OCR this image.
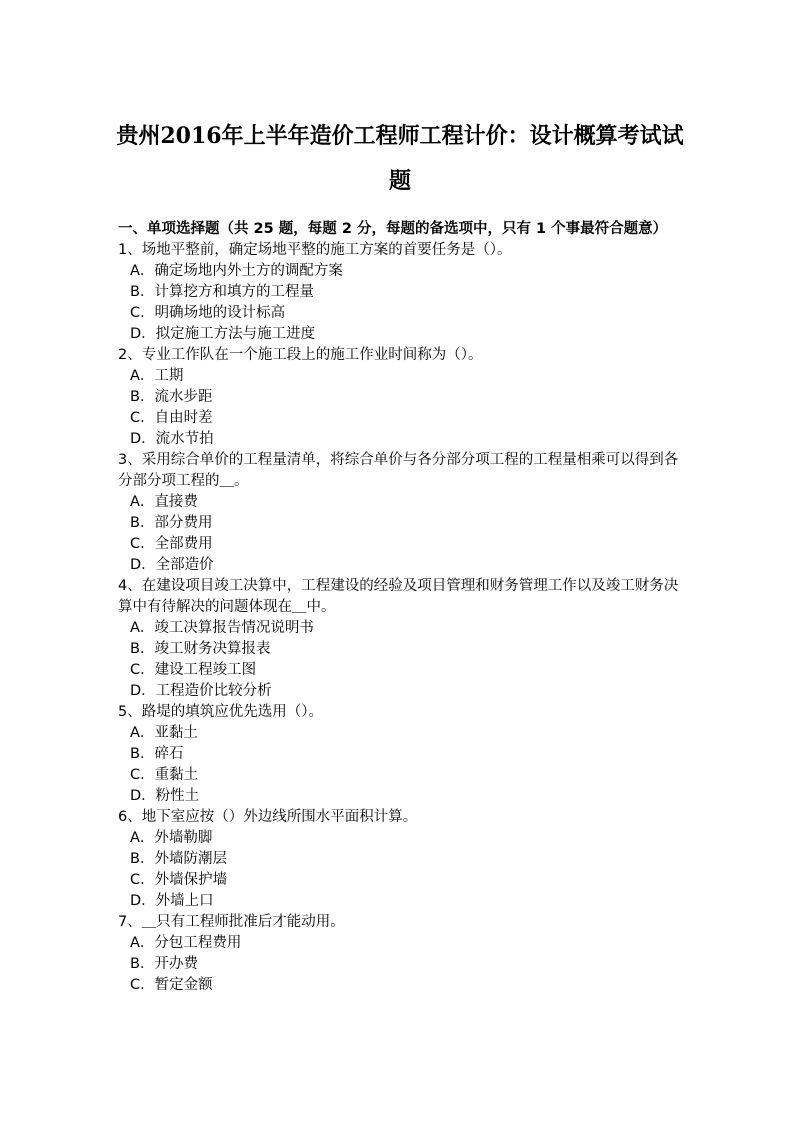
贵州2016年上半年造价工程师工程计价：设计概算考试试
题

一、单项选择题（共 25 题，每题 2 分，每题的备选项中，只有 1 个事最符合题意）

1、场地平整前，确定场地平整的施工方案的首要任务是（）。

A．确定场地内外土方的调配方案

B．计算挖方和填方的工程量

C．明确场地的设计标高

D．拟定施工方法与施工进度

2、专业工作队在一个施工段上的施工作业时间称为（）。

A．工期

B．流水步距

C．自由时差

D．流水节拍

3、采用综合单价的工程量清单，将综合单价与各分部分项工程的工程量相乘可以得到各分部分项工程的＿。

A．直接费

B．部分费用

C．全部费用

D．全部造价

4、在建设项目竣工决算中，工程建设的经验及项目管理和财务管理工作以及竣工财务决算中有待解决的问题体现在＿中。

A．竣工决算报告情况说明书

B．竣工财务决算报表

C．建设工程竣工图

D．工程造价比较分析

5、路堤的填筑应优先选用（）。

A．亚黏土

B．碎石

C．重黏土

D．粉性土

6、地下室应按（）外边线所围水平面积计算。

A．外墙勒脚

B．外墙防潮层

C．外墙保护墙

D．外墙上口

7、＿只有工程师批准后才能动用。

A．分包工程费用

B．开办费

C．暂定金额
